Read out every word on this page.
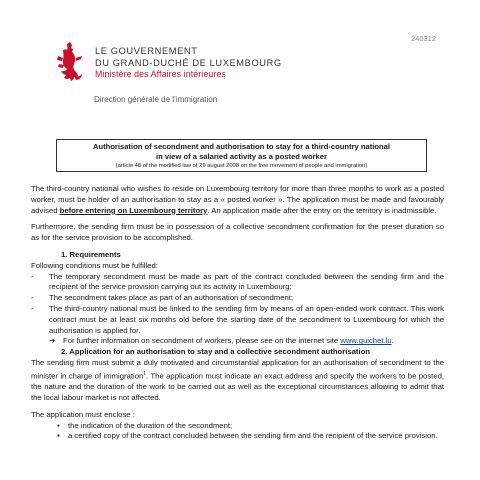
240312
LE GOUVERNEMENT
DU GRAND-DUCHÉ DE LUXEMBOURG
Ministère des Affaires intérieures
Direction générale de l’immigration
Authorisation of secondment and authorisation to stay for a third-country national
in view of a salaried activity as a posted worker
(article 48 of the modified law of 29 august 2008 on the free movement of people and immigration)

The third-country national who wishes to reside on Luxembourg territory for more than three months to work as a posted worker, must be holder of an authorisation to stay as a « posted worker ». The application must be made and favourably advised before entering on Luxembourg territory. An application made after the entry on the territory is inadmissible.

Furthermore, the sending firm must be in possession of a collective secondment confirmation for the preset duration so as for the service provision to be accomplished.

1. Requirements

Following conditions must be fulfilled:

- The temporary secondment must be made as part of the contract concluded between the sending firm and the recipient of the service provision carrying out its activity in Luxembourg;
- The secondment takes place as part of an authorisation of secondment;
- The third-country national must be linked to the sending firm by means of an open-ended work contract. This work contract must be at least six months old before the starting date of the secondment to Luxembourg for which the authorisation is applied for.

➔ For further information on secondment of workers, please see on the internet site www.guichet.lu.

2. Application for an authorisation to stay and a collective secondment authorisation

The sending firm must submit a duly motivated and circumstantial application for an authorisation of secondment to the minister in charge of immigration$^1$. The application must indicate an exact address and specify the workers to be posted, the nature and the duration of the work to be carried out as well as the exceptional circumstances allowing to admit that the local labour market is not affected.

The application must enclose :

▪ the indication of the duration of the secondment;
▪ a certified copy of the contract concluded between the sending firm and the recipient of the service provision.
